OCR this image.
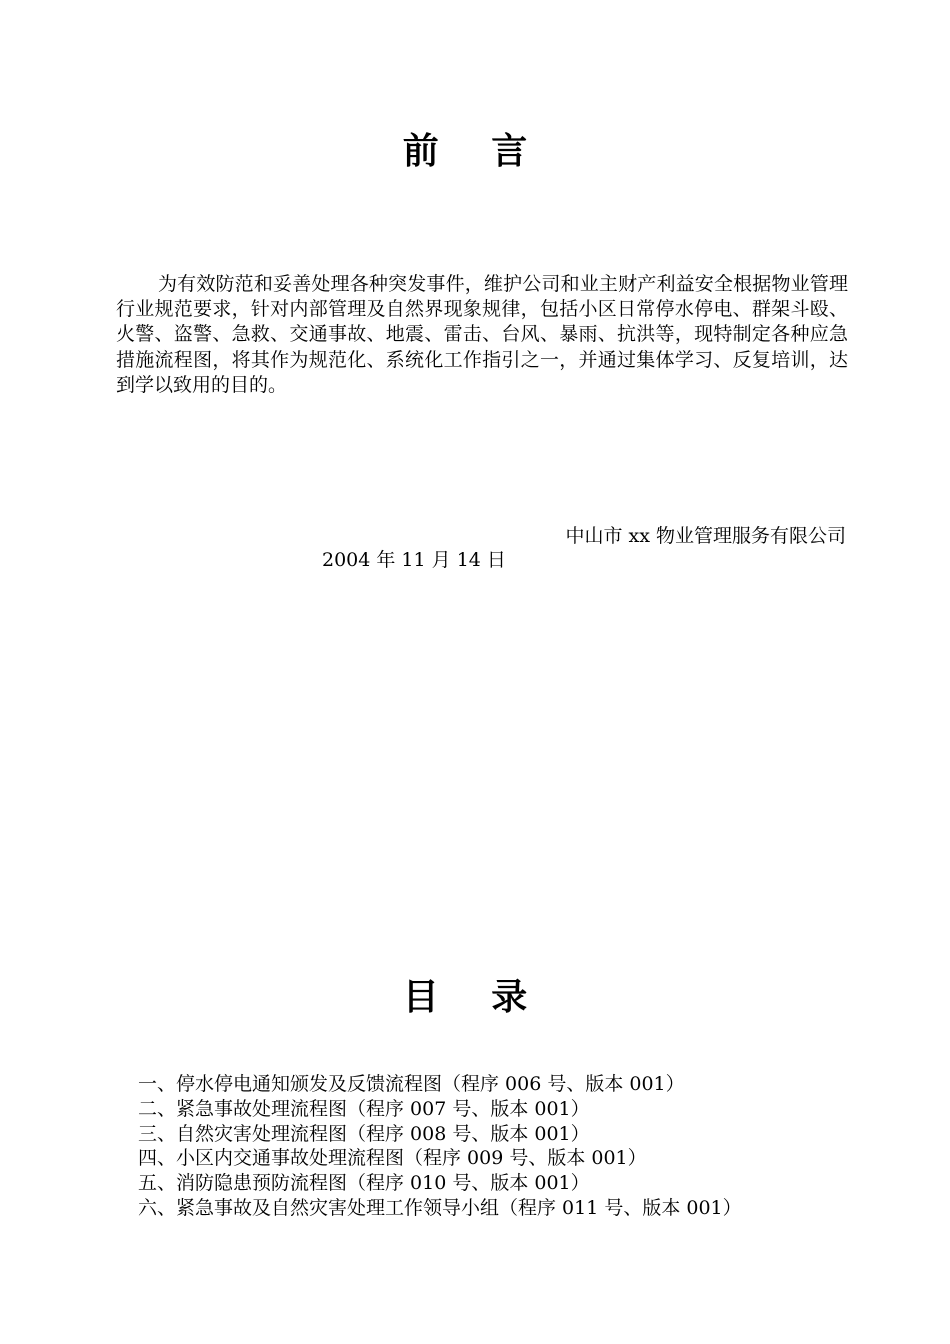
前 言

为有效防范和妥善处理各种突发事件，维护公司和业主财产利益安全根据物业管理行业规范要求，针对内部管理及自然界现象规律，包括小区日常停水停电、群架斗殴、火警、盗警、急救、交通事故、地震、雷击、台风、暴雨、抗洪等，现特制定各种应急措施流程图，将其作为规范化、系统化工作指引之一，并通过集体学习、反复培训，达到学以致用的目的。

中山市 xx 物业管理服务有限公司
2004 年 11 月 14 日
目 录
一、停水停电通知颁发及反馈流程图（程序 006 号、版本 001）
二、紧急事故处理流程图（程序 007 号、版本 001）
三、自然灾害处理流程图（程序 008 号、版本 001）
四、小区内交通事故处理流程图（程序 009 号、版本 001）
五、消防隐患预防流程图（程序 010 号、版本 001）
六、紧急事故及自然灾害处理工作领导小组（程序 011 号、版本 001）
